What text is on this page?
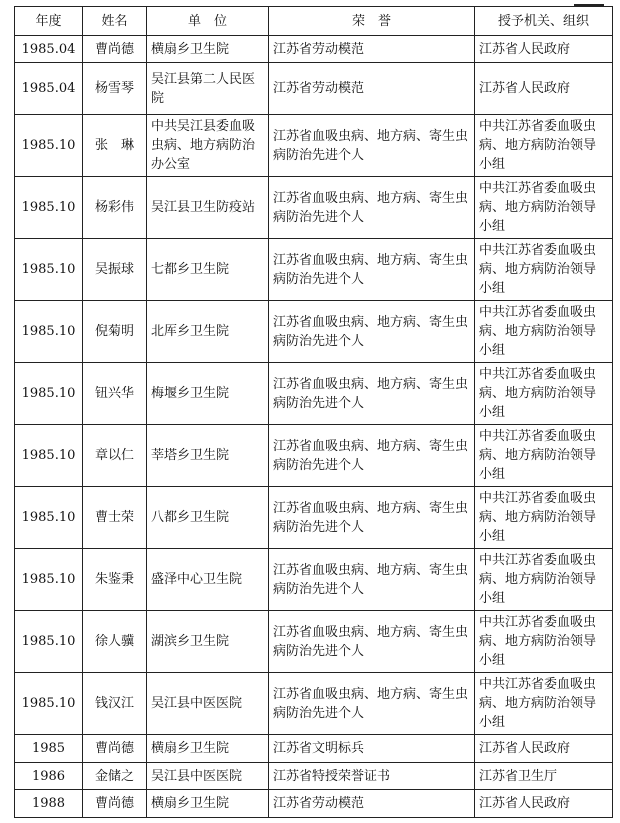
年度	姓名	单　位	荣　誉	授予机关、组织
1985.04	曹尚德	横扇乡卫生院	江苏省劳动模范	江苏省人民政府
1985.04	杨雪琴	吴江县第二人民医院	江苏省劳动模范	江苏省人民政府
1985.10	张　琳	中共吴江县委血吸虫病、地方病防治办公室	江苏省血吸虫病、地方病、寄生虫病防治先进个人	中共江苏省委血吸虫病、地方病防治领导小组
1985.10	杨彩伟	吴江县卫生防疫站	江苏省血吸虫病、地方病、寄生虫病防治先进个人	中共江苏省委血吸虫病、地方病防治领导小组
1985.10	吴振球	七都乡卫生院	江苏省血吸虫病、地方病、寄生虫病防治先进个人	中共江苏省委血吸虫病、地方病防治领导小组
1985.10	倪菊明	北厍乡卫生院	江苏省血吸虫病、地方病、寄生虫病防治先进个人	中共江苏省委血吸虫病、地方病防治领导小组
1985.10	钮兴华	梅堰乡卫生院	江苏省血吸虫病、地方病、寄生虫病防治先进个人	中共江苏省委血吸虫病、地方病防治领导小组
1985.10	章以仁	莘塔乡卫生院	江苏省血吸虫病、地方病、寄生虫病防治先进个人	中共江苏省委血吸虫病、地方病防治领导小组
1985.10	曹士荣	八都乡卫生院	江苏省血吸虫病、地方病、寄生虫病防治先进个人	中共江苏省委血吸虫病、地方病防治领导小组
1985.10	朱鉴秉	盛泽中心卫生院	江苏省血吸虫病、地方病、寄生虫病防治先进个人	中共江苏省委血吸虫病、地方病防治领导小组
1985.10	徐人骥	湖滨乡卫生院	江苏省血吸虫病、地方病、寄生虫病防治先进个人	中共江苏省委血吸虫病、地方病防治领导小组
1985.10	钱汉江	吴江县中医医院	江苏省血吸虫病、地方病、寄生虫病防治先进个人	中共江苏省委血吸虫病、地方病防治领导小组
1985	曹尚德	横扇乡卫生院	江苏省文明标兵	江苏省人民政府
1986	金储之	吴江县中医医院	江苏省特授荣誉证书	江苏省卫生厅
1988	曹尚德	横扇乡卫生院	江苏省劳动模范	江苏省人民政府
